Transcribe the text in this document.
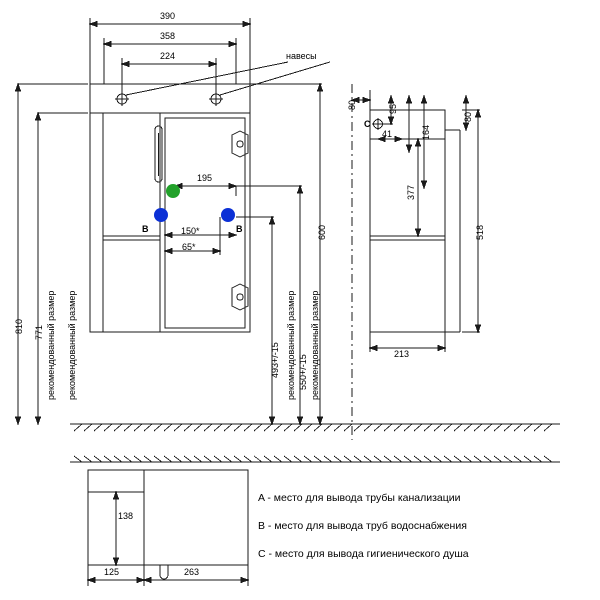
навесы
390
358
224
195
150*
65*
B	B
810 771 рекомендованный размер рекомендованный размер
600
550+/-15
493+/-15 рекомендованный размер рекомендованный размер
80	95
164
80
41
377
518
213
C
138
125	263
A - место для вывода трубы канализации
B - место для вывода труб водоснабжения
C - место для вывода гигиенического душа
